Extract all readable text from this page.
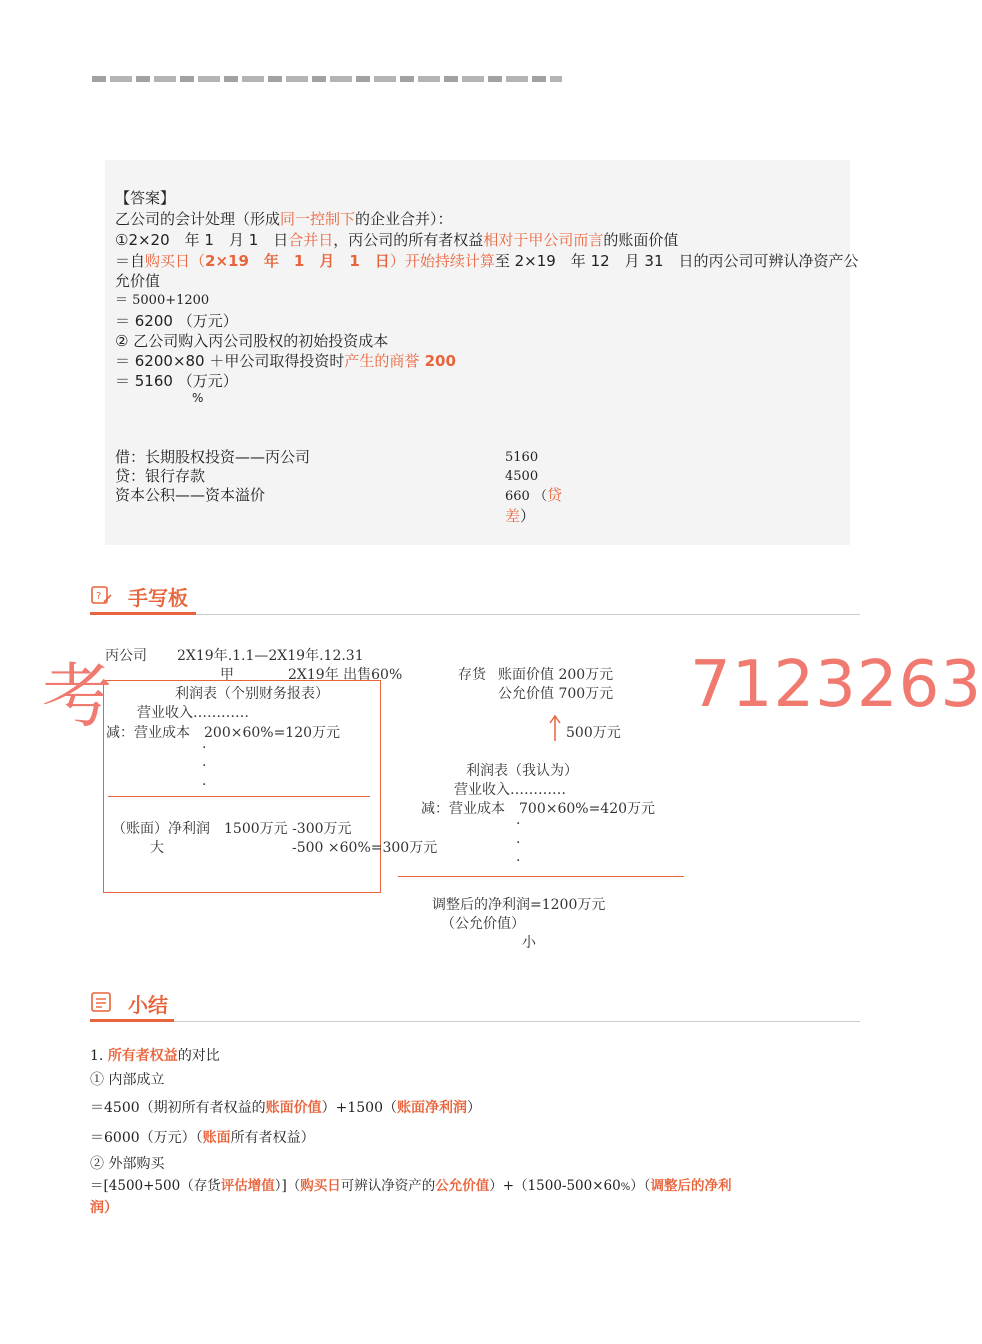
【答案】
乙公司的会计处理（形成同一控制下的企业合并）：
①2×20　年 1　月 1　日合并日，丙公司的所有者权益相对于甲公司而言的账面价值
＝自购买日（2×19　年　1　月　1　日）开始持续计算至 2×19　年 12　月 31　日的丙公司可辨认净资产公
允价值
＝ 5000+1200
＝ 6200 （万元）
② 乙公司购入丙公司股权的初始投资成本
＝ 6200×80 ＋甲公司取得投资时产生的商誉 200
＝ 5160 （万元）
%
借：长期股权投资——丙公司	5160
贷：银行存款	4500
资本公积——资本溢价	660 （贷
差）
? 手写板
丙公司 2X19年.1.1—2X19年.12.31
甲	2X19年 出售60%	存货 账面价值 200万元
公允价值 700万元
500万元
利润表（个别财务报表）
营业收入…………
减：营业成本　200×60%=120万元
·
·
·
（账面）净利润　1500万元 -300万元
大	-500 ×60%=300万元
利润表（我认为）
营业收入…………
减：营业成本　700×60%=420万元
·
·
·
调整后的净利润=1200万元
（公允价值）
小
考	7123263
小结
1. 所有者权益的对比
① 内部成立
＝4500（期初所有者权益的账面价值）+1500（账面净利润）
＝6000（万元）（账面所有者权益）
② 外部购买
＝[4500+500（存货评估增值）]（购买日可辨认净资产的公允价值）+（1500-500×60%）（调整后的净利
润）
